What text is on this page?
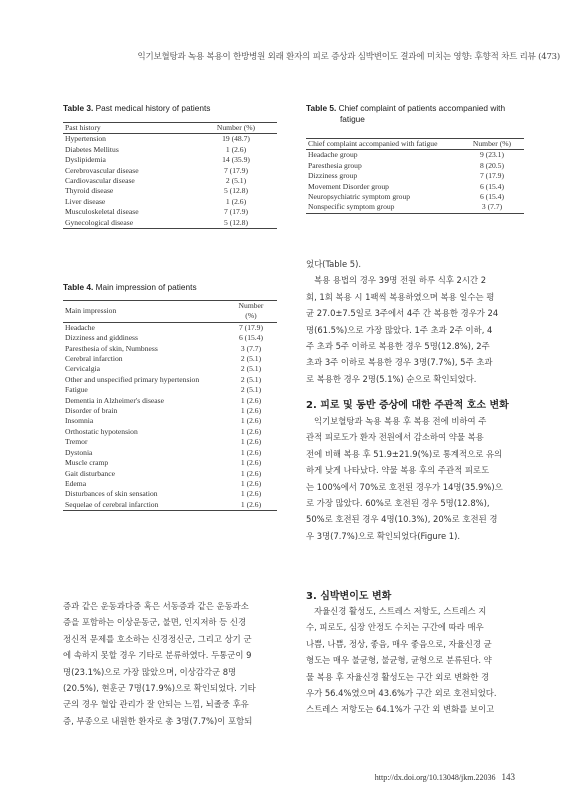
익기보혈탕과 녹용 복용이 한방병원 외래 환자의 피로 증상과 심박변이도 결과에 미치는 영향: 후향적 차트 리뷰 (473)
Table 3. Past medical history of patients
Past history	Number (%)
Hypertension	19 (48.7)
Diabetes Mellitus	1 (2.6)
Dyslipidemia	14 (35.9)
Cerebrovascular disease	7 (17.9)
Cardiovascular disease	2 (5.1)
Thyroid disease	5 (12.8)
Liver disease	1 (2.6)
Musculoskeletal disease	7 (17.9)
Gynecological disease	5 (12.8)
Table 4. Main impression of patients
Main impression	Number
(%)

Headache	7 (17.9)
Dizziness and giddiness	6 (15.4)
Paresthesia of skin, Numbness	3 (7.7)
Cerebral infarction	2 (5.1)
Cervicalgia	2 (5.1)
Other and unspecified primary hypertension	2 (5.1)
Fatigue	2 (5.1)
Dementia in Alzheimer's disease	1 (2.6)
Disorder of brain	1 (2.6)
Insomnia	1 (2.6)
Orthostatic hypotension	1 (2.6)
Tremor	1 (2.6)
Dystonia	1 (2.6)
Muscle cramp	1 (2.6)
Gait disturbance	1 (2.6)
Edema	1 (2.6)
Disturbances of skin sensation	1 (2.6)
Sequelae of cerebral infarction	1 (2.6)
Table 5. Chief complaint of patients accompanied with
fatigue
Chief complaint accompanied with fatigue	Number (%)
Headache group	9 (23.1)
Paresthesia group	8 (20.5)
Dizziness group	7 (17.9)
Movement Disorder group	6 (15.4)
Neuropsychiatric symptom group	6 (15.4)
Nonspecific symptom group	3 (7.7)

증과 같은 운동과다증 혹은 서동증과 같은 운동과소

증을 포함하는 이상운동군, 불면, 인지저하 등 신경

정신적 문제를 호소하는 신경정신군, 그리고 상기 군

에 속하지 못할 경우 기타로 분류하였다. 두통군이 9

명(23.1%)으로 가장 많았으며, 이상감각군 8명

(20.5%), 현훈군 7명(17.9%)으로 확인되었다. 기타

군의 경우 혈압 관리가 잘 안되는 느낌, 뇌졸중 후유

증, 부종으로 내원한 환자로 총 3명(7.7%)이 포함되

었다(Table 5).

복용 용법의 경우 39명 전원 하루 식후 2시간 2

회, 1회 복용 시 1팩씩 복용하였으며 복용 일수는 평

균 27.0±7.5일로 3주에서 4주 간 복용한 경우가 24

명(61.5%)으로 가장 많았다. 1주 초과 2주 이하, 4

주 초과 5주 이하로 복용한 경우 5명(12.8%), 2주

초과 3주 이하로 복용한 경우 3명(7.7%), 5주 초과

로 복용한 경우 2명(5.1%) 순으로 확인되었다.

2. 피로 및 동반 증상에 대한 주관적 호소 변화

익기보혈탕과 녹용 복용 후 복용 전에 비하여 주

관적 피로도가 환자 전원에서 감소하여 약물 복용

전에 비해 복용 후 51.9±21.9(%)로 통계적으로 유의

하게 낮게 나타났다. 약물 복용 후의 주관적 피로도

는 100%에서 70%로 호전된 경우가 14명(35.9%)으

로 가장 많았다. 60%로 호전된 경우 5명(12.8%),

50%로 호전된 경우 4명(10.3%), 20%로 호전된 경

우 3명(7.7%)으로 확인되었다(Figure 1).

3. 심박변이도 변화

자율신경 활성도, 스트레스 저항도, 스트레스 지

수, 피로도, 심장 안정도 수치는 구간에 따라 매우

나쁨, 나쁨, 정상, 좋음, 매우 좋음으로, 자율신경 균

형도는 매우 불균형, 불균형, 균형으로 분류된다. 약

물 복용 후 자율신경 활성도는 구간 외로 변화한 경

우가 56.4%였으며 43.6%가 구간 외로 호전되었다.

스트레스 저항도는 64.1%가 구간 외 변화를 보이고

http://dx.doi.org/10.13048/jkm.22036 143
